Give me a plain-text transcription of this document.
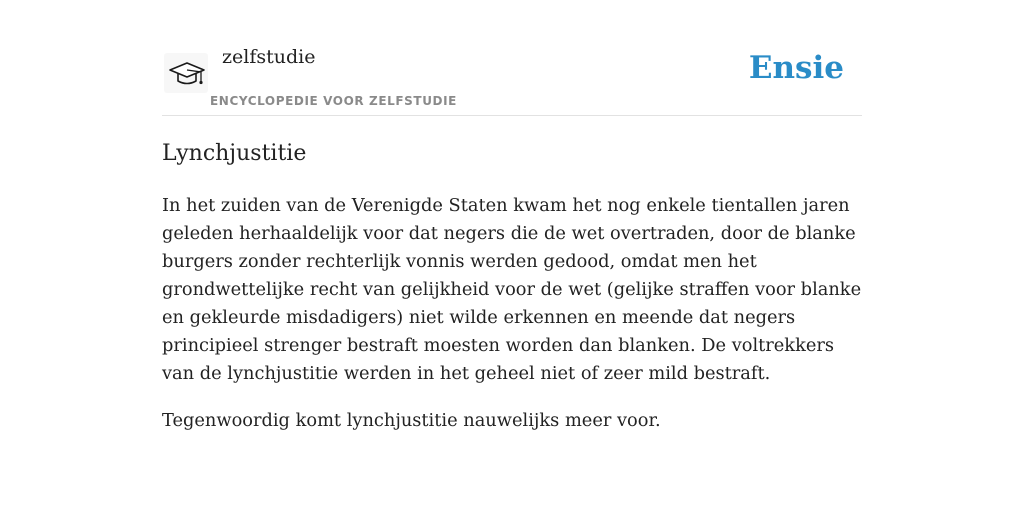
zelfstudie
ENCYCLOPEDIE VOOR ZELFSTUDIE
Ensie
Lynchjustitie

In het zuiden van de Verenigde Staten kwam het nog enkele tientallen jaren geleden herhaaldelijk voor dat negers die de wet overtraden, door de blanke burgers zonder rechterlijk vonnis werden gedood, omdat men het grondwettelijke recht van gelijkheid voor de wet (gelijke straffen voor blanke en gekleurde misdadigers) niet wilde erkennen en meende dat negers principieel strenger bestraft moesten worden dan blanken. De voltrekkers van de lynchjustitie werden in het geheel niet of zeer mild bestraft.

Tegenwoordig komt lynchjustitie nauwelijks meer voor.
